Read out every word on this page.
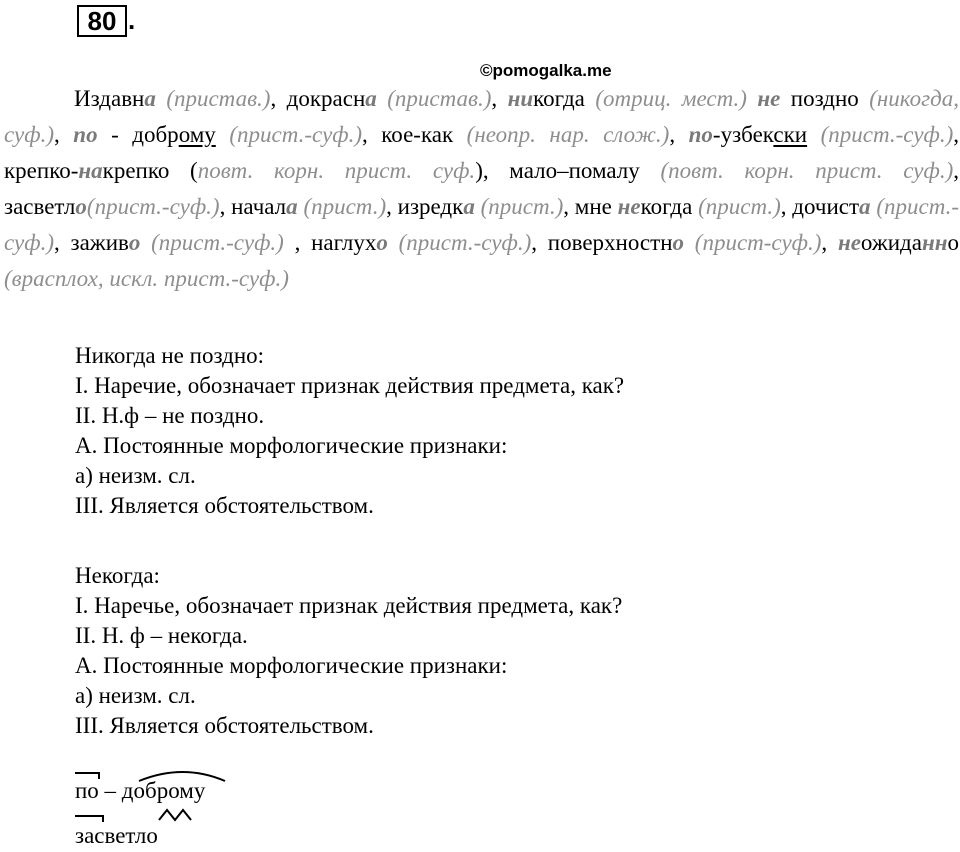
80 .
©pomogalka.me
Издавна (пристав.), докрасна (пристав.), никогда (отриц. мест.) не поздно (никогда, суф.), по - доброму (прист.-суф.), кое-как (неопр. нар. слож.), по-узбекски (прист.-суф.), крепко-накрепко (повт. корн. прист. суф.), мало–помалу (повт. корн. прист. суф.), засветло(прист.-суф.), начала (прист.), изредка (прист.), мне некогда (прист.), дочиста (прист.-суф.), заживо (прист.-суф.) , наглухо (прист.-суф.), поверхностно (прист-суф.), неожиданно (врасплох, искл. прист.-суф.)
Никогда не поздно:
I. Наречие, обозначает признак действия предмета, как?
II. Н.ф – не поздно.
А. Постоянные морфологические признаки:
а) неизм. сл.
III. Является обстоятельством.
Некогда:
I. Наречье, обозначает признак действия предмета, как?
II. Н. ф – некогда.
А. Постоянные морфологические признаки:
а) неизм. сл.
III. Является обстоятельством.
по – доброму
засветло
